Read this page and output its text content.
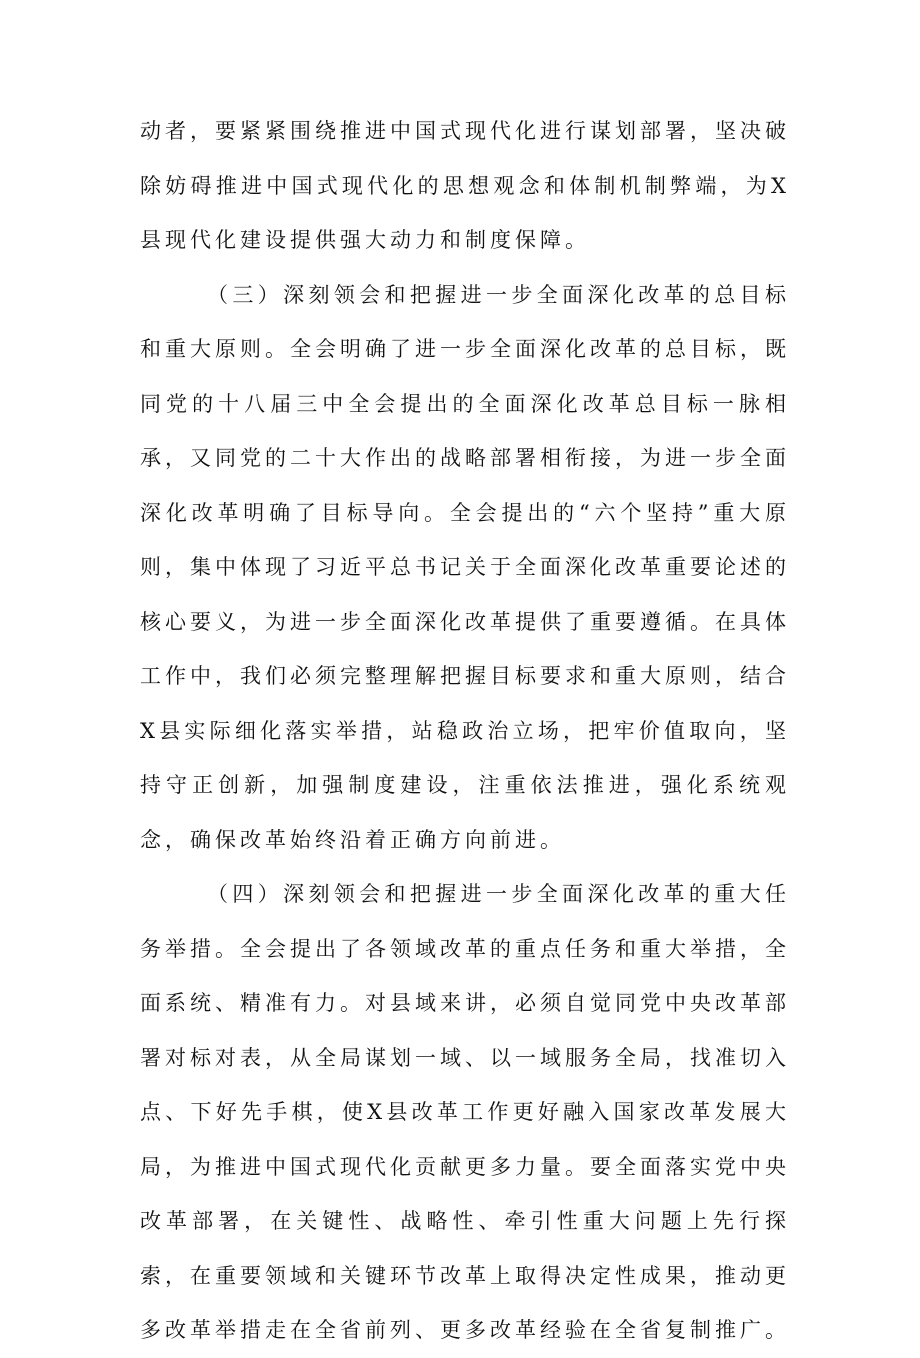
动者，要紧紧围绕推进中国式现代化进行谋划部署，坚决破除妨碍推进中国式现代化的思想观念和体制机制弊端，为X县现代化建设提供强大动力和制度保障。

（三）深刻领会和把握进一步全面深化改革的总目标和重大原则。全会明确了进一步全面深化改革的总目标，既同党的十八届三中全会提出的全面深化改革总目标一脉相承，又同党的二十大作出的战略部署相衔接，为进一步全面深化改革明确了目标导向。全会提出的“六个坚持”重大原则，集中体现了习近平总书记关于全面深化改革重要论述的核心要义，为进一步全面深化改革提供了重要遵循。在具体工作中，我们必须完整理解把握目标要求和重大原则，结合X县实际细化落实举措，站稳政治立场，把牢价值取向，坚持守正创新，加强制度建设，注重依法推进，强化系统观念，确保改革始终沿着正确方向前进。

（四）深刻领会和把握进一步全面深化改革的重大任务举措。全会提出了各领域改革的重点任务和重大举措，全面系统、精准有力。对县域来讲，必须自觉同党中央改革部署对标对表，从全局谋划一域、以一域服务全局，找准切入点、下好先手棋，使X县改革工作更好融入国家改革发展大局，为推进中国式现代化贡献更多力量。要全面落实党中央改革部署，在关键性、战略性、牵引性重大问题上先行探索，在重要领域和关键环节改革上取得决定性成果，推动更多改革举措走在全省前列、更多改革经验在全省复制推广。
